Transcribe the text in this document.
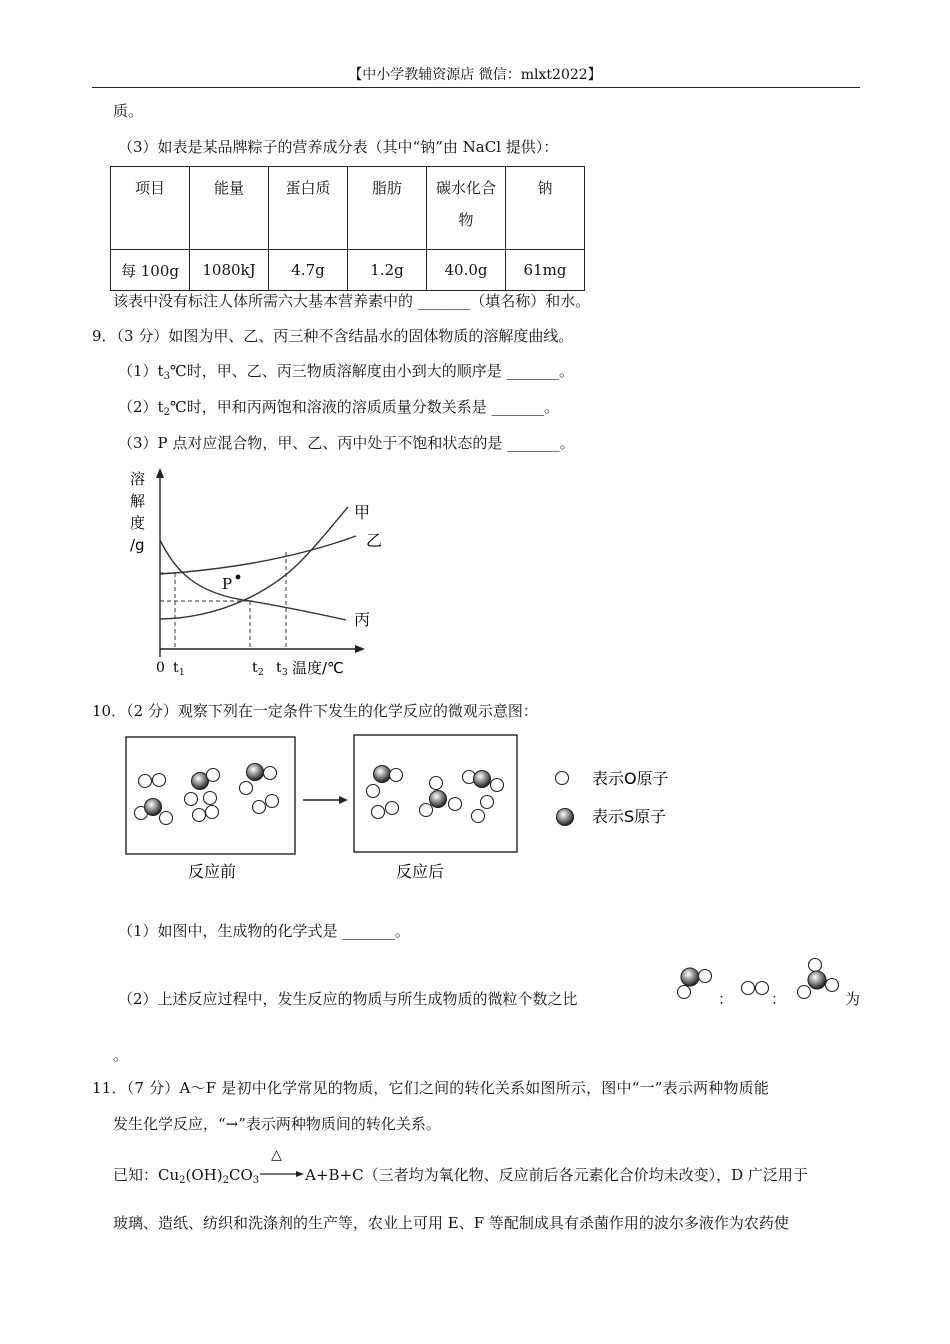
【中小学教辅资源店 微信：mlxt2022】
质。
（3）如表是某品牌粽子的营养成分表（其中“钠”由 NaCl 提供）：
项目	能量	蛋白质	脂肪	碳水化合物	钠
每 100g	1080kJ	4.7g	1.2g	40.0g	61mg
该表中没有标注人体所需六大基本营养素中的 _______（填名称）和水。
9．（3 分）如图为甲、乙、丙三种不含结晶水的固体物质的溶解度曲线。
$(1)t_3℃$时，甲、乙、丙三物质溶解度由小到大的顺序是 _______。
$(2)t_2℃$时，甲和丙两饱和溶液的溶质质量分数关系是 _______。
（3）P 点对应混合物，甲、乙、丙中处于不饱和状态的是 _______。
P
溶
解
度
/g
甲
乙
丙
0 t 1	t 2 t 3 温度/℃
10．（2 分）观察下列在一定条件下发生的化学反应的微观示意图：
表示O原子
表示S原子
反应前	反应后
（1）如图中，生成物的化学式是 _______。
（2）上述反应过程中，发生反应的物质与所生成物质的微粒个数之比	：	：	为
。
11．（7 分）A～F 是初中化学常见的物质，它们之间的转化关系如图所示，图中“一”表示两种物质能
发生化学反应，“→”表示两种物质间的转化关系。
已知：$Cu_2(OH)_2CO_3$
△
A+B+C（三者均为氧化物、反应前后各元素化合价均未改变），D 广泛用于
玻璃、造纸、纺织和洗涤剂的生产等，农业上可用 E、F 等配制成具有杀菌作用的波尔多液作为农药使
